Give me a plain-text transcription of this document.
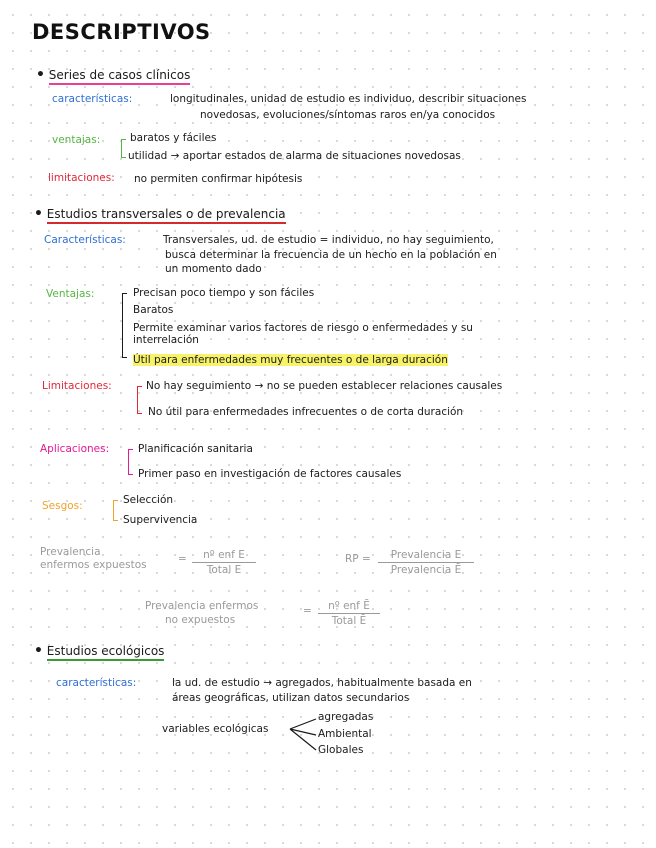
DESCRIPTIVOS
• Series de casos clínicos
características:	longitudinales, unidad de estudio es individuo, describir situaciones
novedosas, evoluciones/síntomas raros en/ya conocidos
ventajas:	baratos y fáciles
utilidad → aportar estados de alarma de situaciones novedosas
limitaciones: no permiten confirmar hipótesis
• Estudios transversales o de prevalencia
Características:	Transversales, ud. de estudio = individuo, no hay seguimiento,
busca determinar la frecuencia de un hecho en la población en
un momento dado
Ventajas:	Precisan poco tiempo y son fáciles
Baratos
Permite examinar varios factores de riesgo o enfermedades y su
interrelación
Útil para enfermedades muy frecuentes o de larga duración
Limitaciones:	No hay seguimiento → no se pueden establecer relaciones causales
No útil para enfermedades infrecuentes o de corta duración
Aplicaciones:	Planificación sanitaria
Primer paso en investigación de factores causales
Sesgos:	Selección
Supervivencia
Prevalencia
enfermos expuestos	=	nº enf E
Total E
RP =	Prevalencia E
Prevalencia Ē
Prevalencia enfermos
no expuestos
=	nº enf Ē
Total Ē
• Estudios ecológicos
características:	la ud. de estudio → agregados, habitualmente basada en
áreas geográficas, utilizan datos secundarios
variables ecológicas
agregadas
Ambiental
Globales
